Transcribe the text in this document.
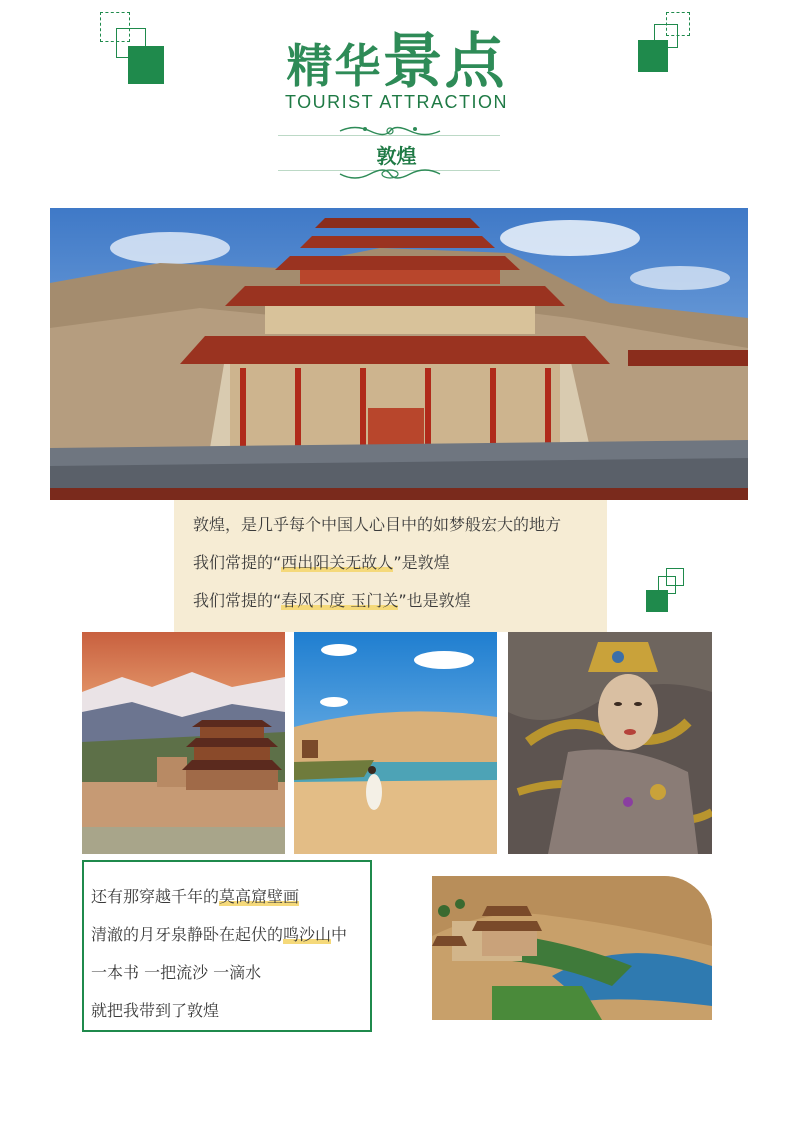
精华景点
TOURIST ATTRACTION
敦煌
敦煌，是几乎每个中国人心目中的如梦般宏大的地方
我们常提的“西出阳关无故人”是敦煌
我们常提的“春风不度 玉门关”也是敦煌
还有那穿越千年的莫高窟壁画
清澈的月牙泉静卧在起伏的鸣沙山中
一本书 一把流沙 一滴水
就把我带到了敦煌
